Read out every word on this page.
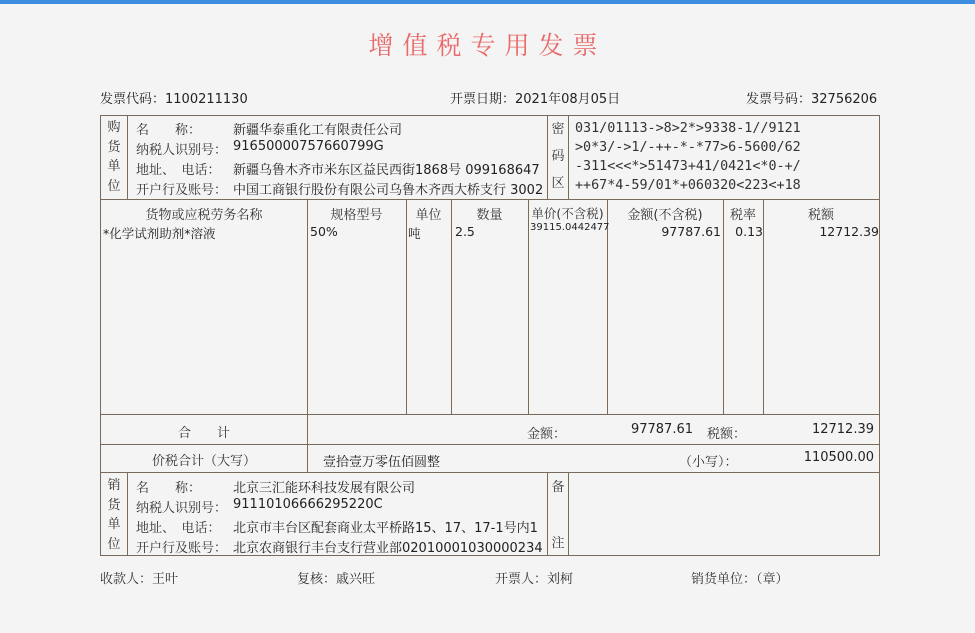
增值税专用发票
发票代码：1100211130	开票日期：2021年08月05日	发票号码：32756206
购
货
单
位
名　　称： 新疆华泰重化工有限责任公司
纳税人识别号： 91650000757660799G
地址、　电话： 新疆乌鲁木齐市米东区益民西街1868号 099168647
开户行及账号： 中国工商银行股份有限公司乌鲁木齐西大桥支行 3002
密
码
区
031/01113->8>2*>9338-1//9121
>0*3/->1/-++-*-*77>6-5600/62
-311<<<*>51473+41/0421<*0-+/
++67*4-59/01*+060320<223<+18
货物或应税劳务名称	规格型号	单位	数量	单价(不含税)	金额(不含税)	税率	税额
*化学试剂助剂*溶液	50%	吨	2.5	39115.0442477	97787.61	0.13	12712.39
合　　计	金额：	97787.61 税额：	12712.39
价税合计（大写）	壹拾壹万零伍佰圆整	（小写）：	110500.00
销
货
单
位
名　　称： 北京三汇能环科技发展有限公司
纳税人识别号： 91110106666295220C
地址、　电话： 北京市丰台区配套商业太平桥路15、17、17-1号内1
开户行及账号： 北京农商银行丰台支行营业部02010001030000234
备
注
收款人：王叶	复核：戚兴旺	开票人：刘柯	销货单位：（章）
